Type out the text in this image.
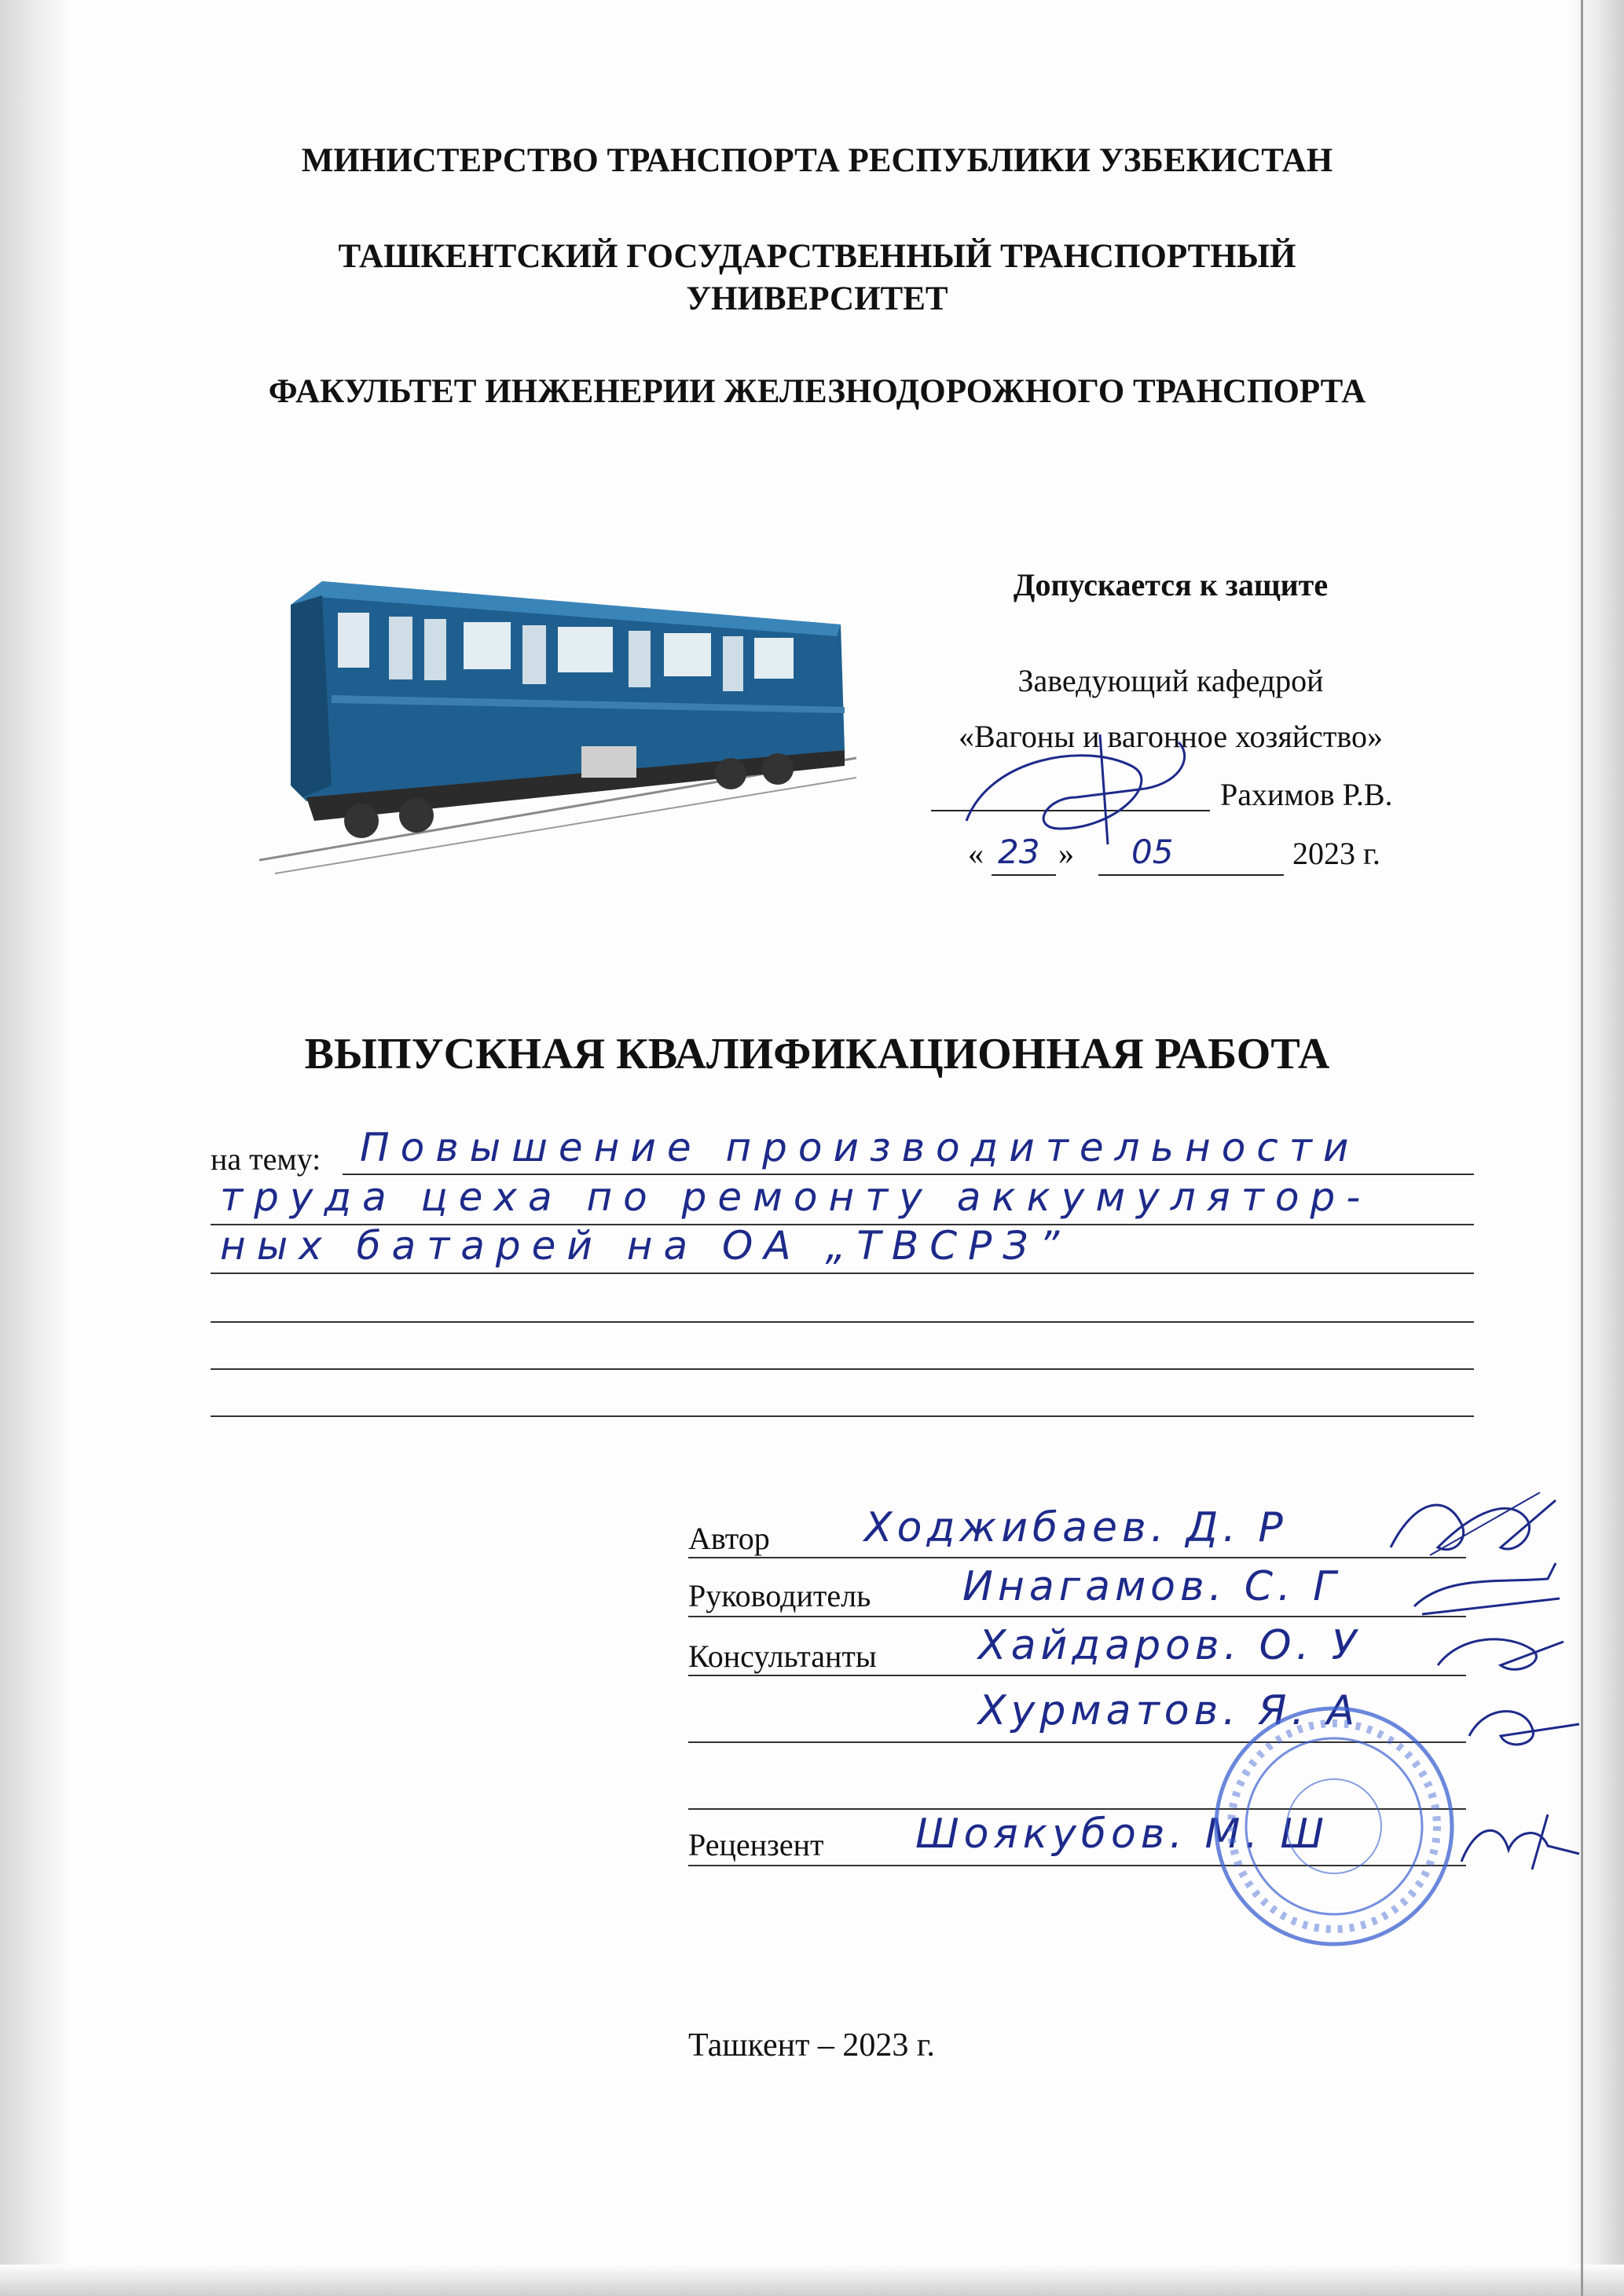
МИНИСТЕРСТВО ТРАНСПОРТА РЕСПУБЛИКИ УЗБЕКИСТАН
ТАШКЕНТСКИЙ ГОСУДАРСТВЕННЫЙ ТРАНСПОРТНЫЙ УНИВЕРСИТЕТ
ФАКУЛЬТЕТ ИНЖЕНЕРИИ ЖЕЛЕЗНОДОРОЖНОГО ТРАНСПОРТА
Допускается к защите
Заведующий кафедрой
«Вагоны и вагонное хозяйство»
Рахимов Р.В.
« 23 » 05	2023 г.
ВЫПУСКНАЯ КВАЛИФИКАЦИОННАЯ РАБОТА
на тему: Повышение производительности
труда цеха по ремонту аккумулятор-
ных батарей на ОА „ТВСРЗ”
Автор Ходжибаев. Д. Р
Руководитель Инагамов. С. Г
Консультанты Хайдаров. О. У
Хурматов. Я. А
Рецензент Шоякубов. М. Ш
Ташкент – 2023 г.
